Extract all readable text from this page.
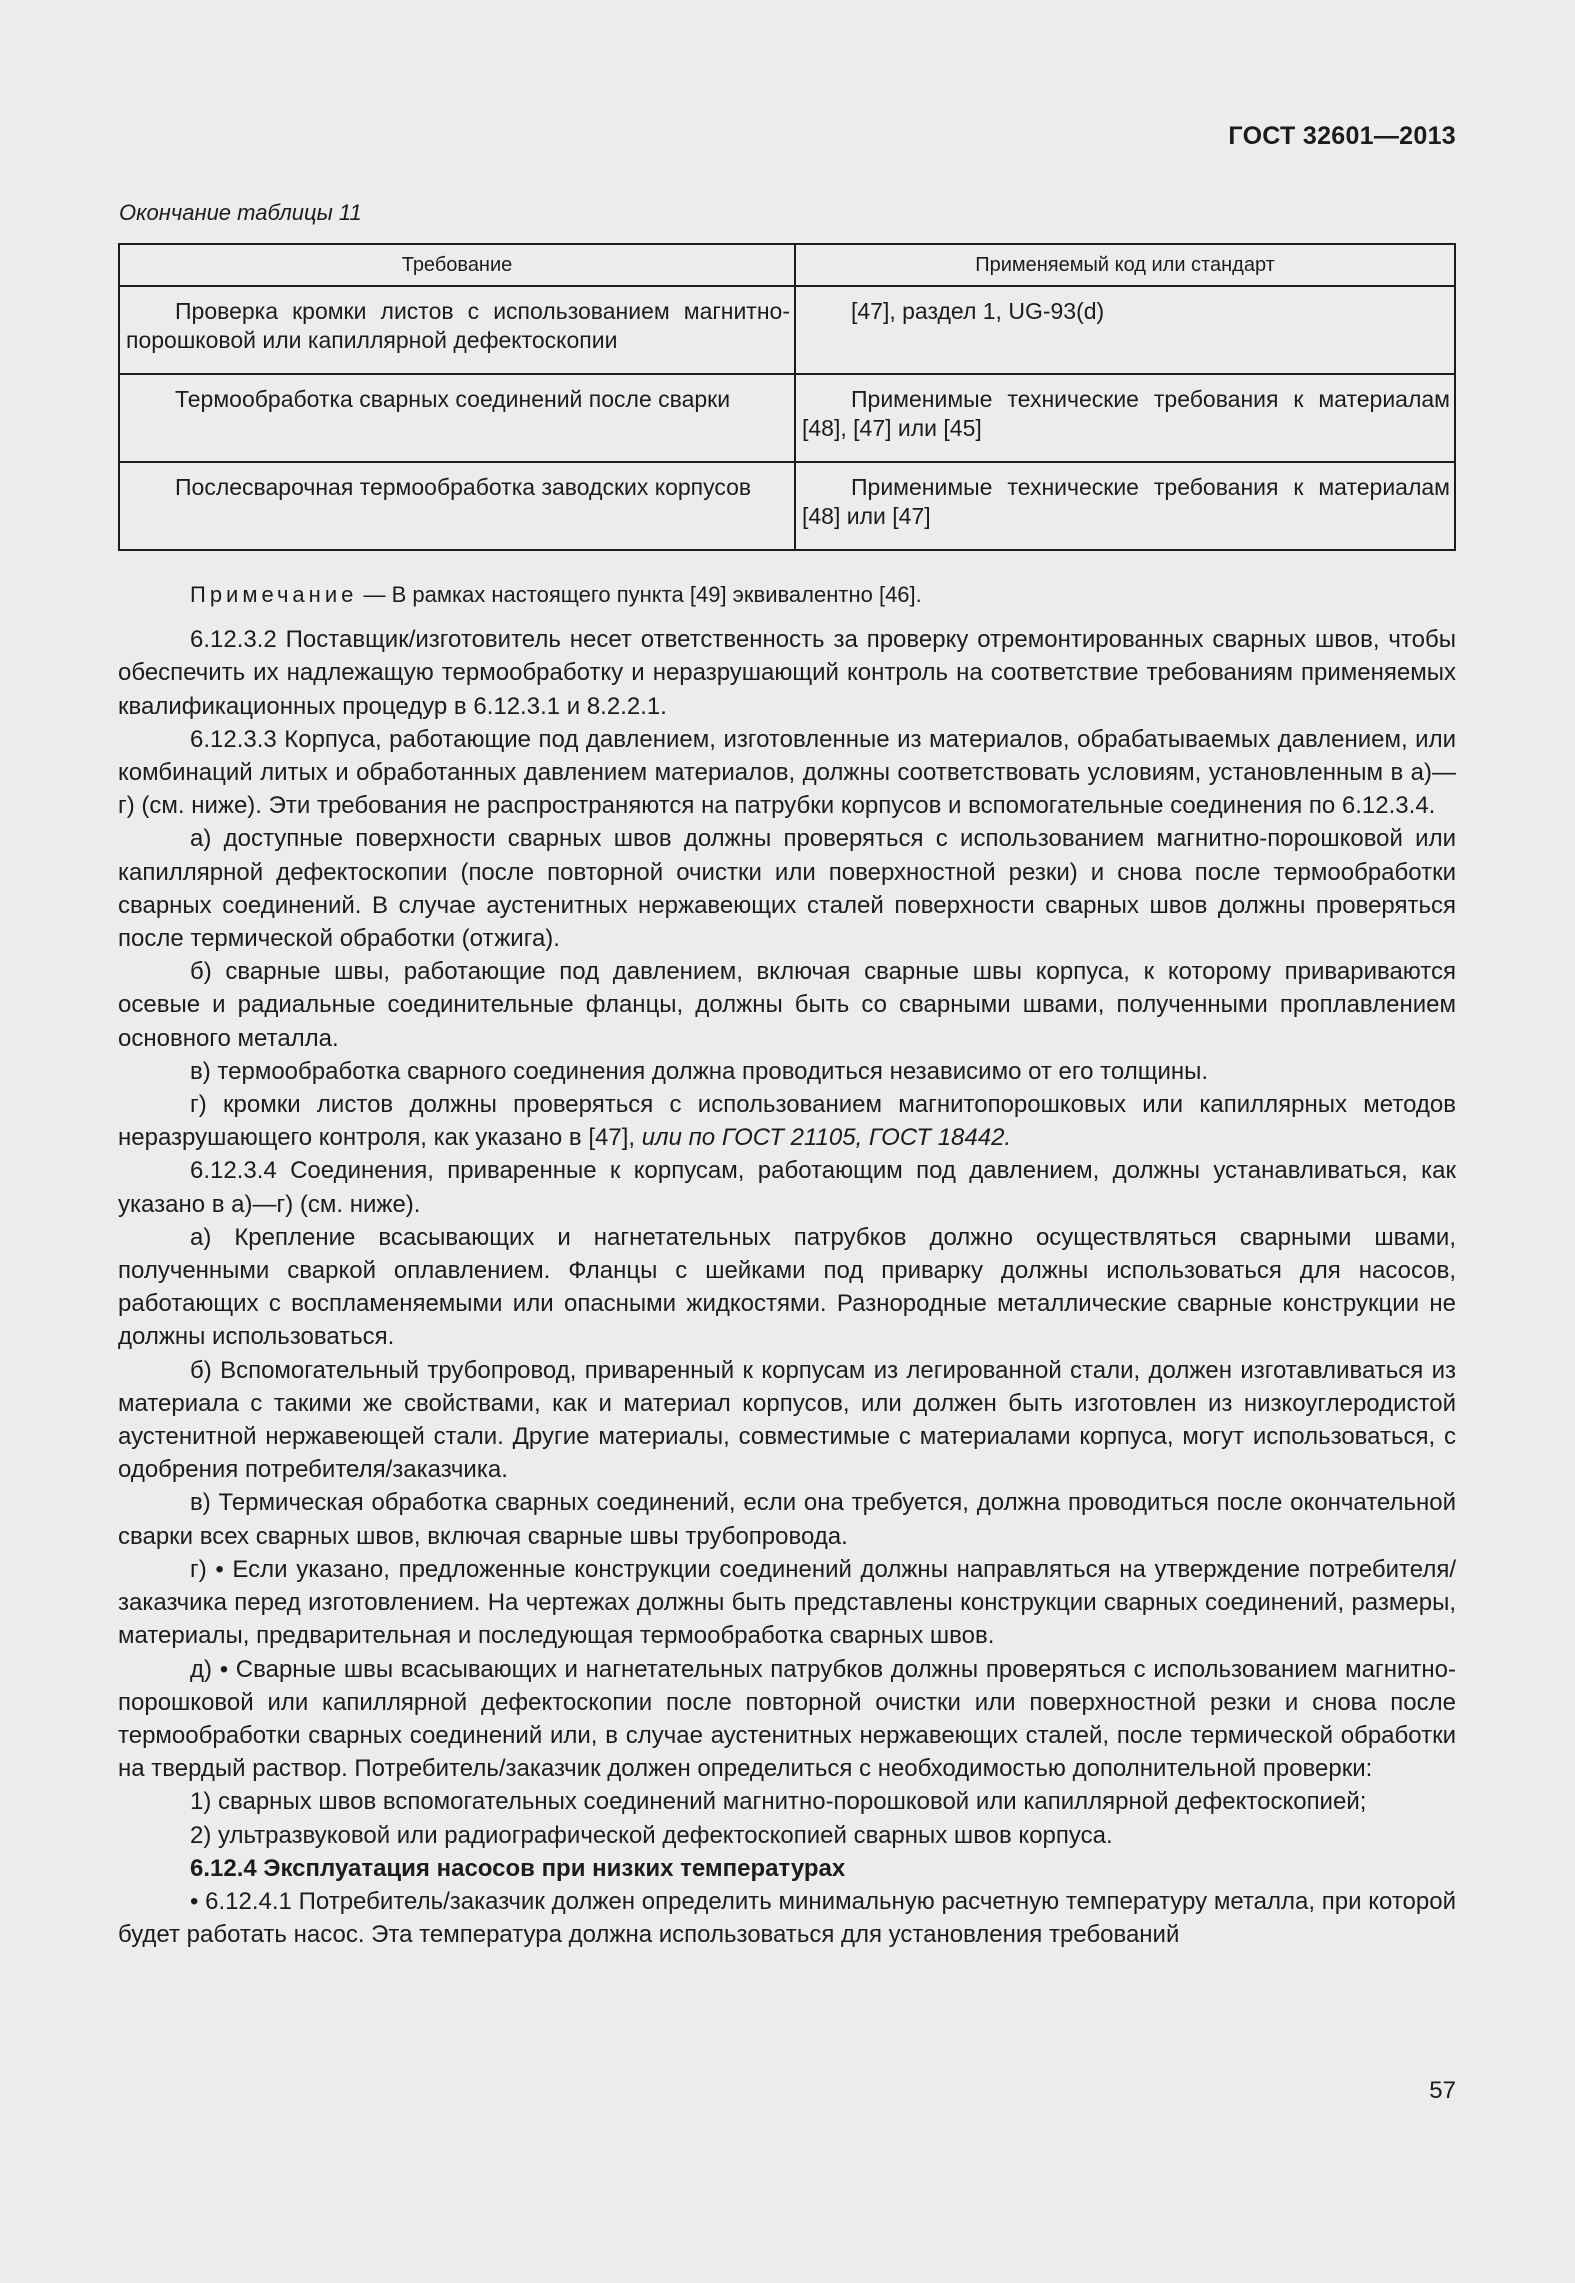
ГОСТ 32601—2013
Окончание таблицы 11
Требование	Применяемый код или стандарт

Проверка кромки листов с использованием магнитно-порошковой или капиллярной дефектоскопии	[47], раздел 1, UG-93(d)

Термообработка сварных соединений после сварки	Применимые технические требования к материалам [48], [47] или [45]

Послесварочная термообработка заводских корпусов	Применимые технические требования к материалам [48] или [47]

Примечание — В рамках настоящего пункта [49] эквивалентно [46].

6.12.3.2 Поставщик/изготовитель несет ответственность за проверку отремонтированных сварных швов, чтобы обеспечить их надлежащую термообработку и неразрушающий контроль на соответствие требованиям применяемых квалификационных процедур в 6.12.3.1 и 8.2.2.1.

6.12.3.3 Корпуса, работающие под давлением, изготовленные из материалов, обрабатываемых давлением, или комбинаций литых и обработанных давлением материалов, должны соответствовать условиям, установленным в а)—г) (см. ниже). Эти требования не распространяются на патрубки корпусов и вспомогательные соединения по 6.12.3.4.

а) доступные поверхности сварных швов должны проверяться с использованием магнитно-порошковой или капиллярной дефектоскопии (после повторной очистки или поверхностной резки) и снова после термообработки сварных соединений. В случае аустенитных нержавеющих сталей поверхности сварных швов должны проверяться после термической обработки (отжига).

б) сварные швы, работающие под давлением, включая сварные швы корпуса, к которому привариваются осевые и радиальные соединительные фланцы, должны быть со сварными швами, полученными проплавлением основного металла.

в) термообработка сварного соединения должна проводиться независимо от его толщины.

г) кромки листов должны проверяться с использованием магнитопорошковых или капиллярных методов неразрушающего контроля, как указано в [47], или по ГОСТ 21105, ГОСТ 18442.

6.12.3.4 Соединения, приваренные к корпусам, работающим под давлением, должны устанавливаться, как указано в а)—г) (см. ниже).

а) Крепление всасывающих и нагнетательных патрубков должно осуществляться сварными швами, полученными сваркой оплавлением. Фланцы с шейками под приварку должны использоваться для насосов, работающих с воспламеняемыми или опасными жидкостями. Разнородные металлические сварные конструкции не должны использоваться.

б) Вспомогательный трубопровод, приваренный к корпусам из легированной стали, должен изготавливаться из материала с такими же свойствами, как и материал корпусов, или должен быть изготовлен из низкоуглеродистой аустенитной нержавеющей стали. Другие материалы, совместимые с материалами корпуса, могут использоваться, с одобрения потребителя/заказчика.

в) Термическая обработка сварных соединений, если она требуется, должна проводиться после окончательной сварки всех сварных швов, включая сварные швы трубопровода.

г) • Если указано, предложенные конструкции соединений должны направляться на утверждение потребителя/заказчика перед изготовлением. На чертежах должны быть представлены конструкции сварных соединений, размеры, материалы, предварительная и последующая термообработка сварных швов.

д) • Сварные швы всасывающих и нагнетательных патрубков должны проверяться с использованием магнитно-порошковой или капиллярной дефектоскопии после повторной очистки или поверхностной резки и снова после термообработки сварных соединений или, в случае аустенитных нержавеющих сталей, после термической обработки на твердый раствор. Потребитель/заказчик должен определиться с необходимостью дополнительной проверки:

1) сварных швов вспомогательных соединений магнитно-порошковой или капиллярной дефектоскопией;

2) ультразвуковой или радиографической дефектоскопией сварных швов корпуса.

6.12.4 Эксплуатация насосов при низких температурах

• 6.12.4.1 Потребитель/заказчик должен определить минимальную расчетную температуру металла, при которой будет работать насос. Эта температура должна использоваться для установления требований

57
